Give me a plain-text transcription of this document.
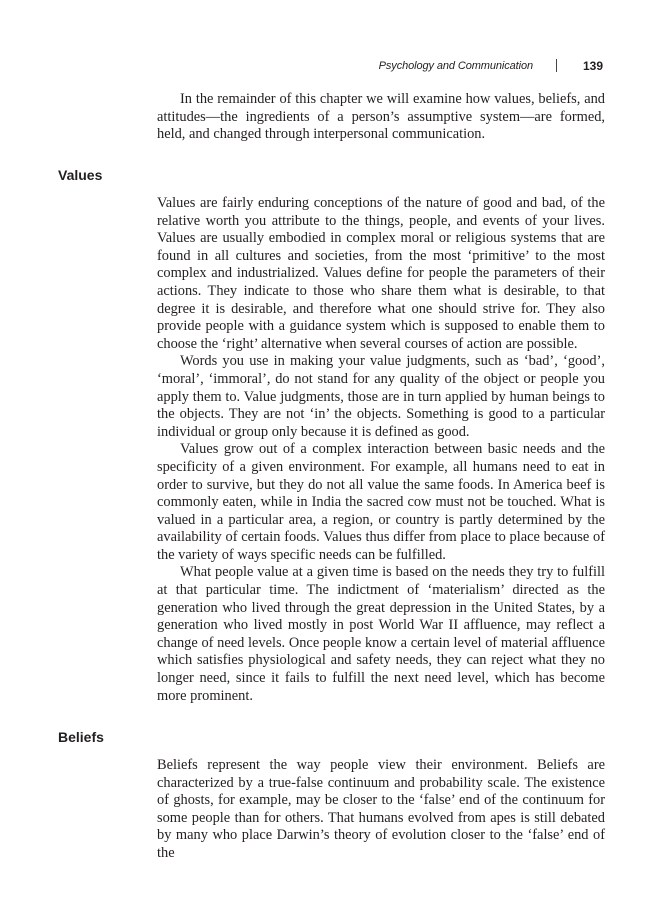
Psychology and Communication	139

In the remainder of this chapter we will examine how values, beliefs, and attitudes—the ingredients of a person’s assumptive system—are formed, held, and changed through interpersonal communication.

Values

Values are fairly enduring conceptions of the nature of good and bad, of the relative worth you attribute to the things, people, and events of your lives. Values are usually embodied in complex moral or religious systems that are found in all cultures and societies, from the most ‘primitive’ to the most complex and industrialized. Values define for people the parameters of their actions. They indicate to those who share them what is desirable, to that degree it is desirable, and therefore what one should strive for. They also provide people with a guidance system which is supposed to enable them to choose the ‘right’ alternative when several courses of action are possible.

Words you use in making your value judgments, such as ‘bad’, ‘good’, ‘moral’, ‘immoral’, do not stand for any quality of the object or people you apply them to. Value judgments, those are in turn applied by human beings to the objects. They are not ‘in’ the objects. Something is good to a particular individual or group only because it is defined as good.

Values grow out of a complex interaction between basic needs and the specificity of a given environment. For example, all humans need to eat in order to survive, but they do not all value the same foods. In America beef is commonly eaten, while in India the sacred cow must not be touched. What is valued in a particular area, a region, or country is partly determined by the availability of certain foods. Values thus differ from place to place because of the variety of ways specific needs can be fulfilled.

What people value at a given time is based on the needs they try to fulfill at that particular time. The indictment of ‘materialism’ directed as the generation who lived through the great depression in the United States, by a generation who lived mostly in post World War II affluence, may reflect a change of need levels. Once people know a certain level of material affluence which satisfies physiological and safety needs, they can reject what they no longer need, since it fails to fulfill the next need level, which has become more prominent.

Beliefs

Beliefs represent the way people view their environment. Beliefs are characterized by a true-false continuum and probability scale. The existence of ghosts, for example, may be closer to the ‘false’ end of the continuum for some people than for others. That humans evolved from apes is still debated by many who place Darwin’s theory of evolution closer to the ‘false’ end of the
